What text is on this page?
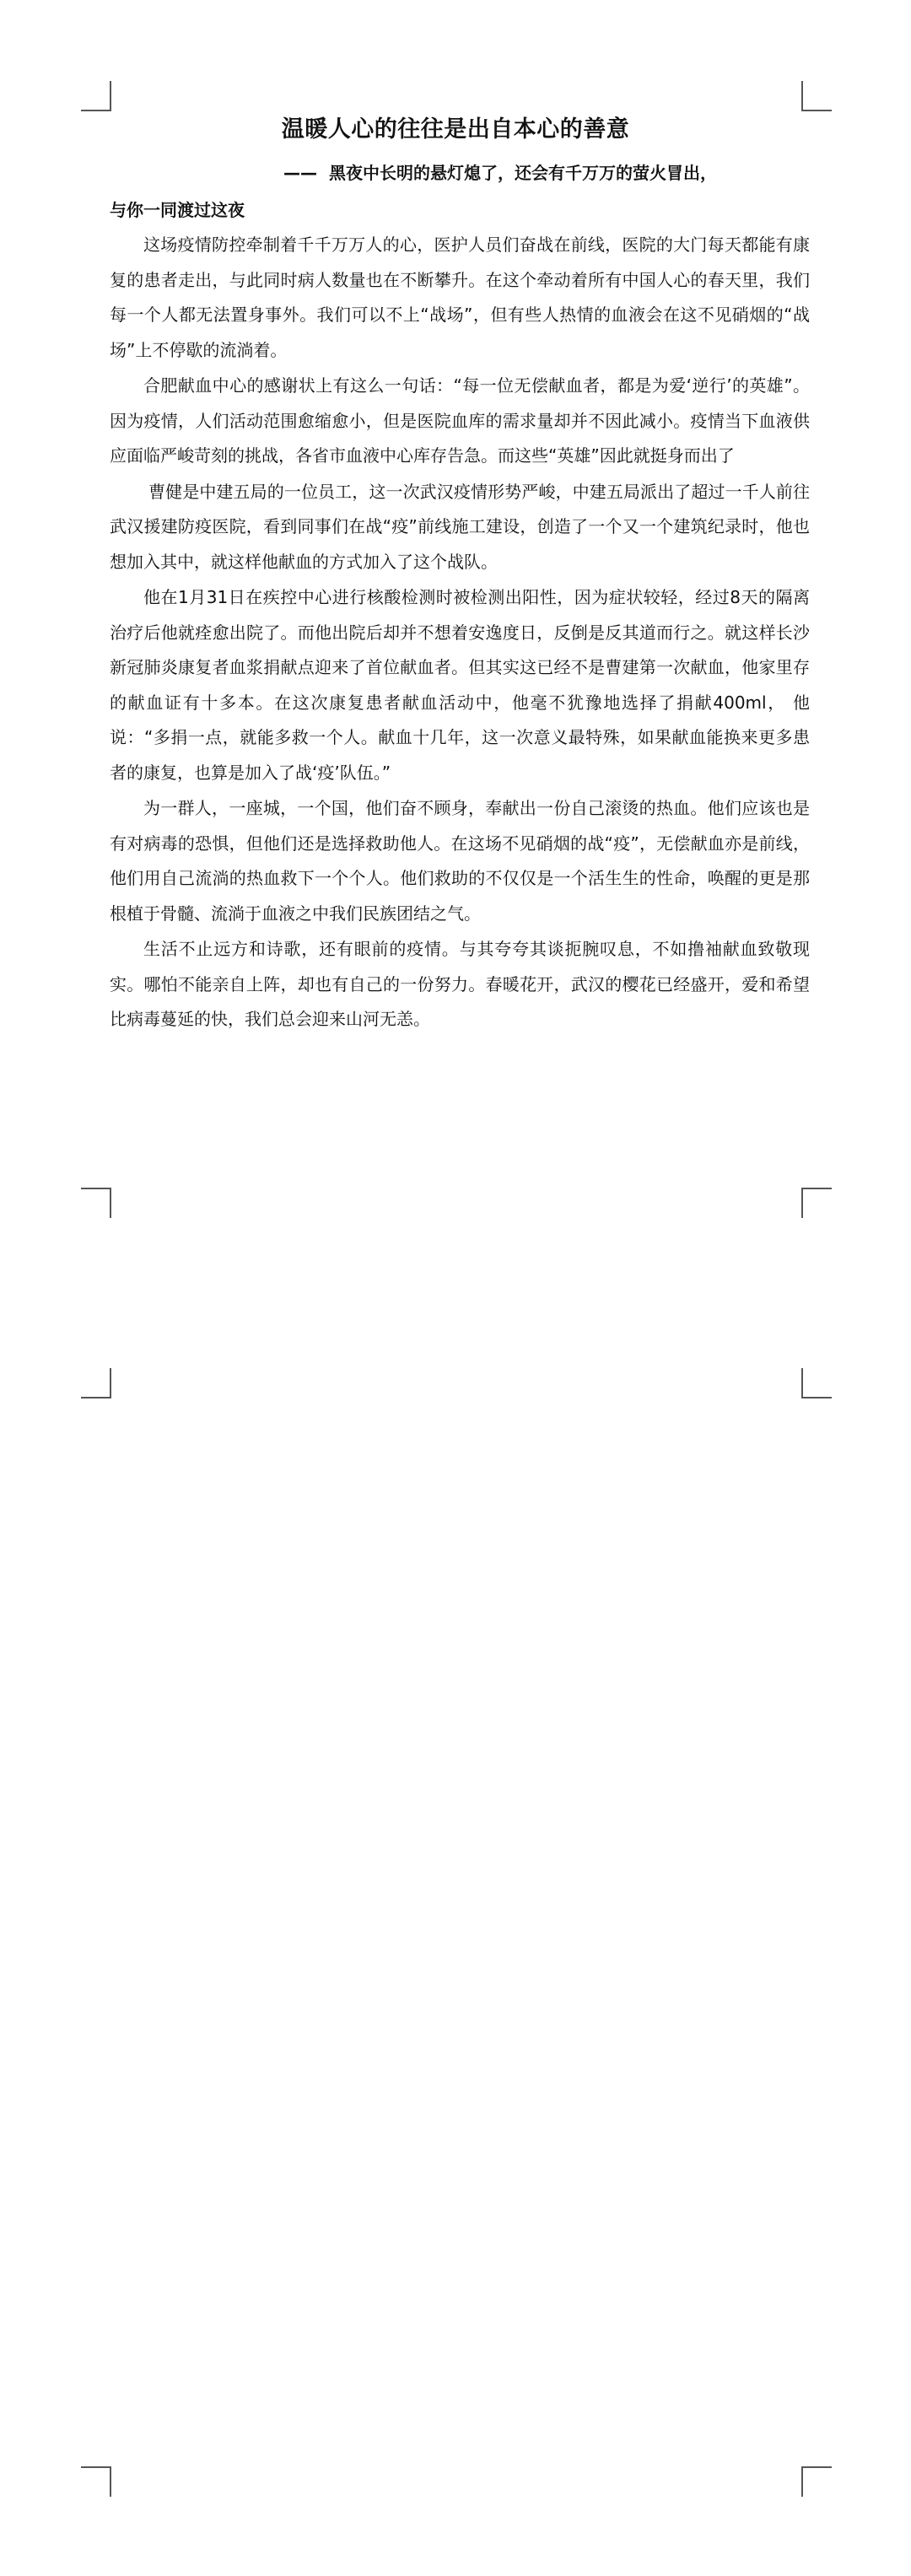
温暖人心的往往是出自本心的善意
—— 黑夜中长明的悬灯熄了，还会有千万万的萤火冒出，
与你一同渡过这夜

这场疫情防控牵制着千千万万人的心，医护人员们奋战在前线，医院的大门每天都能有康复的患者走出，与此同时病人数量也在不断攀升。在这个牵动着所有中国人心的春天里，我们每一个人都无法置身事外。我们可以不上“战场”，但有些人热情的血液会在这不见硝烟的“战场”上不停歇的流淌着。

合肥献血中心的感谢状上有这么一句话：“每一位无偿献血者，都是为爱‘逆行’的英雄”。因为疫情，人们活动范围愈缩愈小，但是医院血库的需求量却并不因此减小。疫情当下血液供应面临严峻苛刻的挑战，各省市血液中心库存告急。而这些“英雄”因此就挺身而出了

曹健是中建五局的一位员工，这一次武汉疫情形势严峻，中建五局派出了超过一千人前往武汉援建防疫医院，看到同事们在战“疫”前线施工建设，创造了一个又一个建筑纪录时，他也想加入其中，就这样他献血的方式加入了这个战队。

他在1月31日在疾控中心进行核酸检测时被检测出阳性，因为症状较轻，经过8天的隔离治疗后他就痊愈出院了。而他出院后却并不想着安逸度日，反倒是反其道而行之。就这样长沙新冠肺炎康复者血浆捐献点迎来了首位献血者。但其实这已经不是曹建第一次献血，他家里存的献血证有十多本。在这次康复患者献血活动中，他毫不犹豫地选择了捐献400ml， 他说：“多捐一点，就能多救一个人。献血十几年，这一次意义最特殊，如果献血能换来更多患者的康复，也算是加入了战‘疫’队伍。”

为一群人，一座城，一个国，他们奋不顾身，奉献出一份自己滚烫的热血。他们应该也是有对病毒的恐惧，但他们还是选择救助他人。在这场不见硝烟的战“疫”，无偿献血亦是前线，他们用自己流淌的热血救下一个个人。他们救助的不仅仅是一个活生生的性命，唤醒的更是那根植于骨髓、流淌于血液之中我们民族团结之气。

生活不止远方和诗歌，还有眼前的疫情。与其夸夸其谈扼腕叹息，不如撸袖献血致敬现实。哪怕不能亲自上阵，却也有自己的一份努力。春暖花开，武汉的樱花已经盛开，爱和希望比病毒蔓延的快，我们总会迎来山河无恙。
